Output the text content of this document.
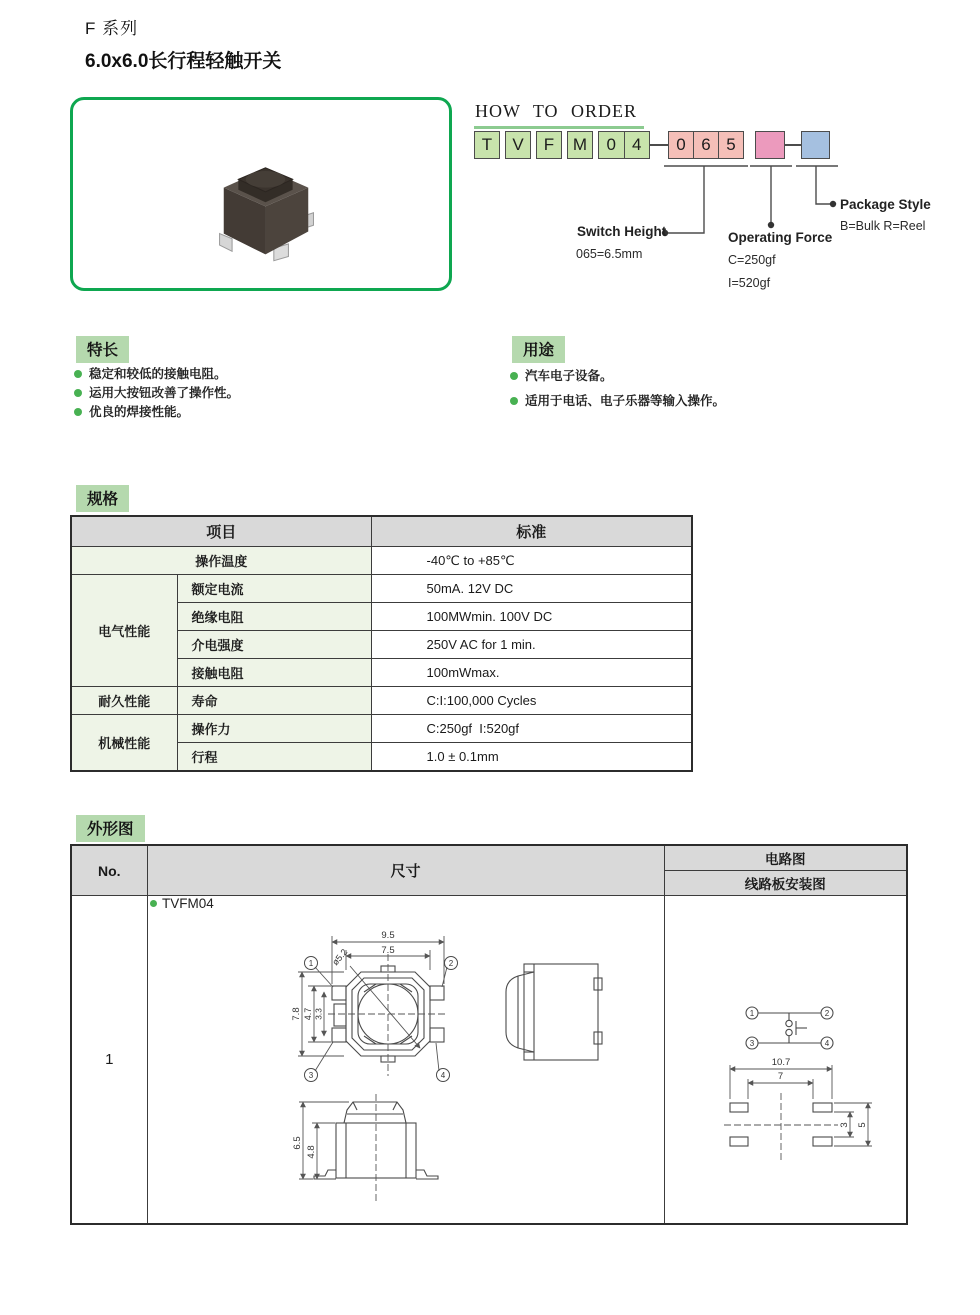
F 系列
6.0x6.0长行程轻触开关
HOW TO ORDER
T	V	F	M	0 4	0 6 5
Switch Height
065=6.5mm
Operating Force
C=250gf
I=520gf
Package Style
B=Bulk R=Reel
特长
稳定和较低的接触电阻。
运用大按钮改善了操作性。
优良的焊接性能。
用途
汽车电子设备。
适用于电话、电子乐器等输入操作。
规格
项目		标准
操作温度		-40℃ to +85℃
电气性能	额定电流	50mA. 12V DC
	绝缘电阻	100MWmin. 100V DC
	介电强度	250V AC for 1 min.
	接触电阻	100mWmax.
耐久性能	寿命	C:I:100,000 Cycles
机械性能	操作力	C:250gf  I:520gf
	行程	1.0 ± 0.1mm
外形图
No.	尺寸	电路图
		线路板安装图
1		
TVFM04
9.5
7.5
7.8 4.7 3.3
ø5.2
1	2
3	4
6.5
4.8
1	2
3	4
10.7
7
3 5
